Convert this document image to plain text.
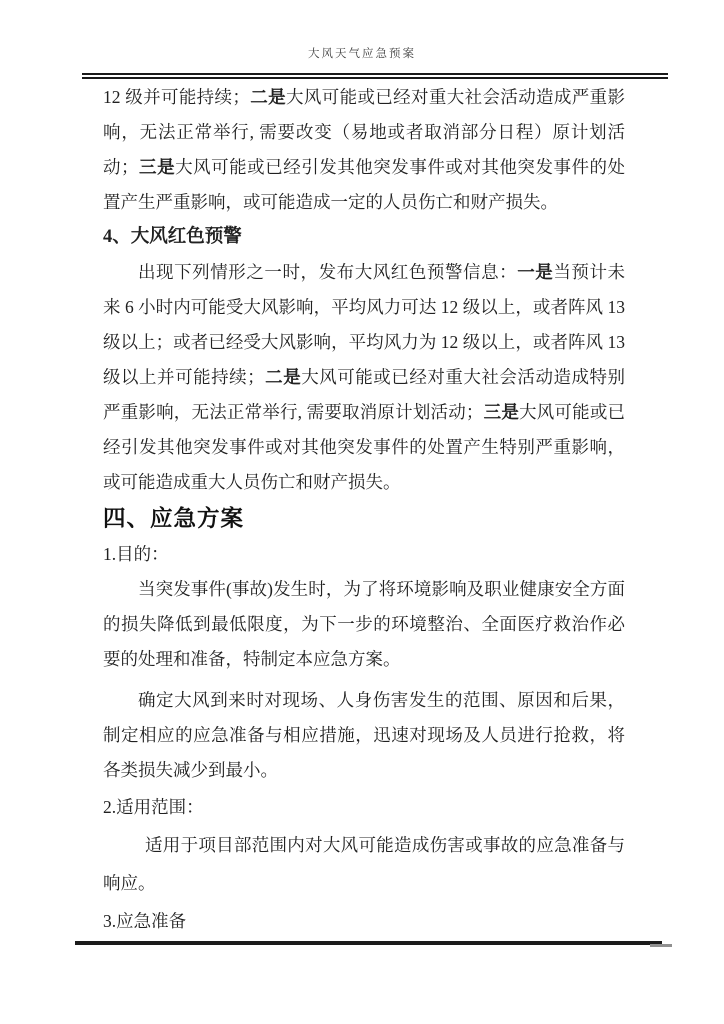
大风天气应急预案

12 级并可能持续；二是大风可能或已经对重大社会活动造成严重影响，无法正常举行, 需要改变（易地或者取消部分日程）原计划活动；三是大风可能或已经引发其他突发事件或对其他突发事件的处置产生严重影响，或可能造成一定的人员伤亡和财产损失。

4、大风红色预警

出现下列情形之一时，发布大风红色预警信息：一是当预计未来 6 小时内可能受大风影响，平均风力可达 12 级以上，或者阵风 13 级以上；或者已经受大风影响，平均风力为 12 级以上，或者阵风 13 级以上并可能持续；二是大风可能或已经对重大社会活动造成特别严重影响，无法正常举行, 需要取消原计划活动；三是大风可能或已经引发其他突发事件或对其他突发事件的处置产生特别严重影响，或可能造成重大人员伤亡和财产损失。

四、应急方案

1.目的：

当突发事件(事故)发生时，为了将环境影响及职业健康安全方面的损失降低到最低限度，为下一步的环境整治、全面医疗救治作必要的处理和准备，特制定本应急方案。

确定大风到来时对现场、人身伤害发生的范围、原因和后果，制定相应的应急准备与相应措施，迅速对现场及人员进行抢救，将各类损失减少到最小。

2.适用范围：

适用于项目部范围内对大风可能造成伤害或事故的应急准备与响应。

3.应急准备
